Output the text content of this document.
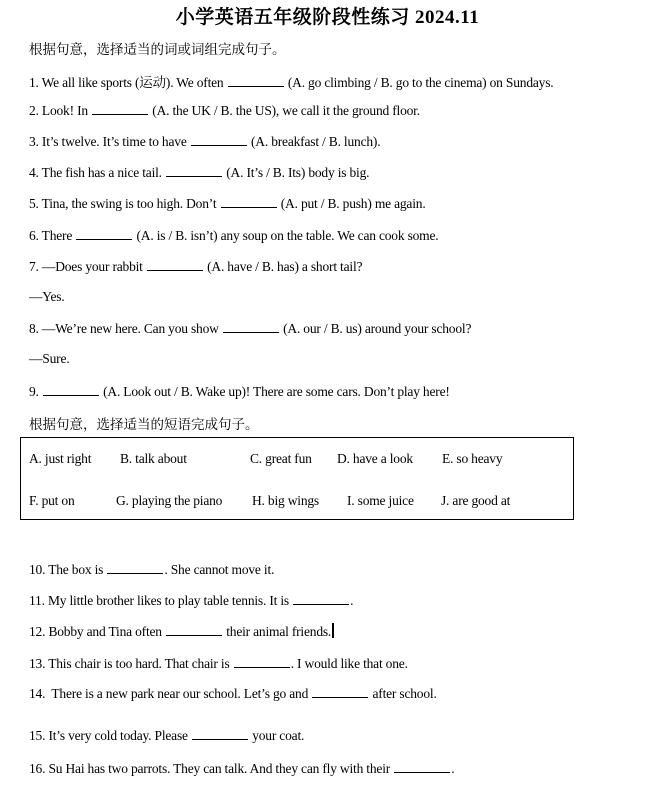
小学英语五年级阶段性练习 2024.11
根据句意，选择适当的词或词组完成句子。
1. We all like sports (运动). We often	(A. go climbing / B. go to the cinema) on Sundays.
2. Look! In	(A. the UK / B. the US), we call it the ground floor.
3. It’s twelve. It’s time to have	(A. breakfast / B. lunch).
4. The fish has a nice tail.	(A. It’s / B. Its) body is big.
5. Tina, the swing is too high. Don’t	(A. put / B. push) me again.
6. There	(A. is / B. isn’t) any soup on the table. We can cook some.
7. —Does your rabbit	(A. have / B. has) a short tail?
—Yes.
8. —We’re new here. Can you show	(A. our / B. us) around your school?
—Sure.
9.	(A. Look out / B. Wake up)! There are some cars. Don’t play here!
根据句意，选择适当的短语完成句子。
A. just right B. talk about	C. great fun D. have a look E. so heavy
F. put on	G. playing the piano H. big wings I. some juice J. are good at
10. The box is	. She cannot move it.
11. My little brother likes to play table tennis. It is	.
12. Bobby and Tina often	their animal friends.
13. This chair is too hard. That chair is	. I would like that one.
14.  There is a new park near our school. Let’s go and	after school.
15. It’s very cold today. Please	your coat.
16. Su Hai has two parrots. They can talk. And they can fly with their	.
